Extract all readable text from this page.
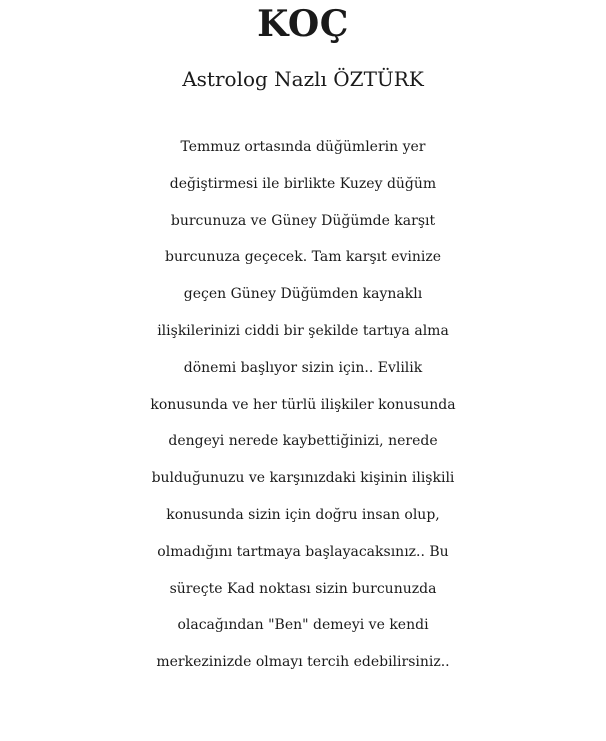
KOÇ

Astrolog Nazlı ÖZTÜRK

Temmuz ortasında düğümlerin yer
değiştirmesi ile birlikte Kuzey düğüm
burcunuza ve Güney Düğümde karşıt
burcunuza geçecek. Tam karşıt evinize
geçen Güney Düğümden kaynaklı
ilişkilerinizi ciddi bir şekilde tartıya alma
dönemi başlıyor sizin için.. Evlilik
konusunda ve her türlü ilişkiler konusunda
dengeyi nerede kaybettiğinizi, nerede
bulduğunuzu ve karşınızdaki kişinin ilişkili
konusunda sizin için doğru insan olup,
olmadığını tartmaya başlayacaksınız.. Bu
süreçte Kad noktası sizin burcunuzda
olacağından "Ben" demeyi ve kendi
merkezinizde olmayı tercih edebilirsiniz..
